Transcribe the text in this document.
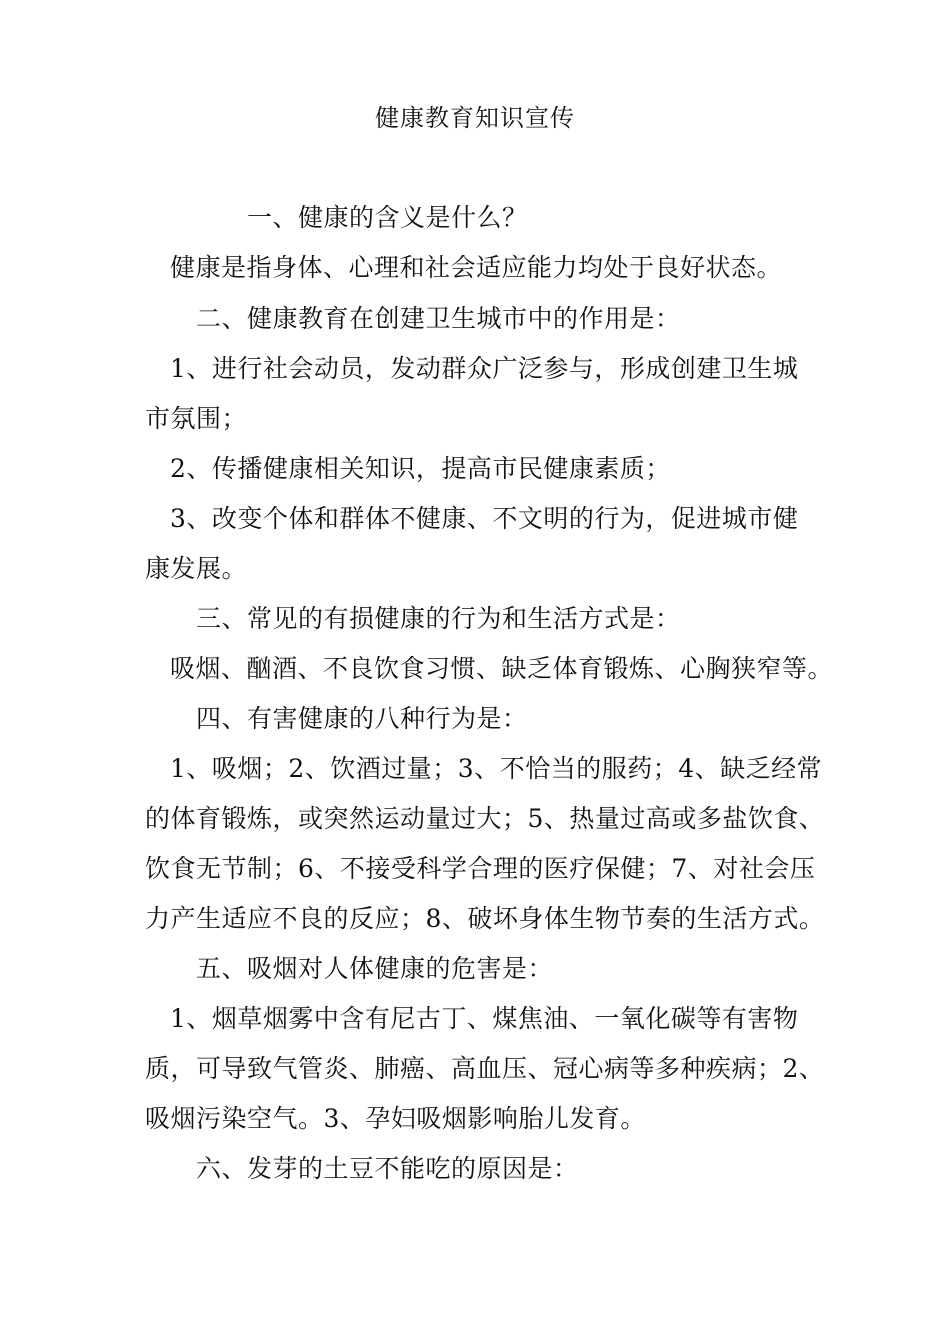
健康教育知识宣传
一、健康的含义是什么？
健康是指身体、心理和社会适应能力均处于良好状态。
二、健康教育在创建卫生城市中的作用是：
1、进行社会动员，发动群众广泛参与，形成创建卫生城
市氛围；
2、传播健康相关知识，提高市民健康素质；
3、改变个体和群体不健康、不文明的行为，促进城市健
康发展。
三、常见的有损健康的行为和生活方式是：
吸烟、酗酒、不良饮食习惯、缺乏体育锻炼、心胸狭窄等。
四、有害健康的八种行为是：
1、吸烟；2、饮酒过量；3、不恰当的服药；4、缺乏经常
的体育锻炼，或突然运动量过大；5、热量过高或多盐饮食、
饮食无节制；6、不接受科学合理的医疗保健；7、对社会压
力产生适应不良的反应；8、破坏身体生物节奏的生活方式。
五、吸烟对人体健康的危害是：
1、烟草烟雾中含有尼古丁、煤焦油、一氧化碳等有害物
质，可导致气管炎、肺癌、高血压、冠心病等多种疾病；2、
吸烟污染空气。3、孕妇吸烟影响胎儿发育。
六、发芽的土豆不能吃的原因是：
